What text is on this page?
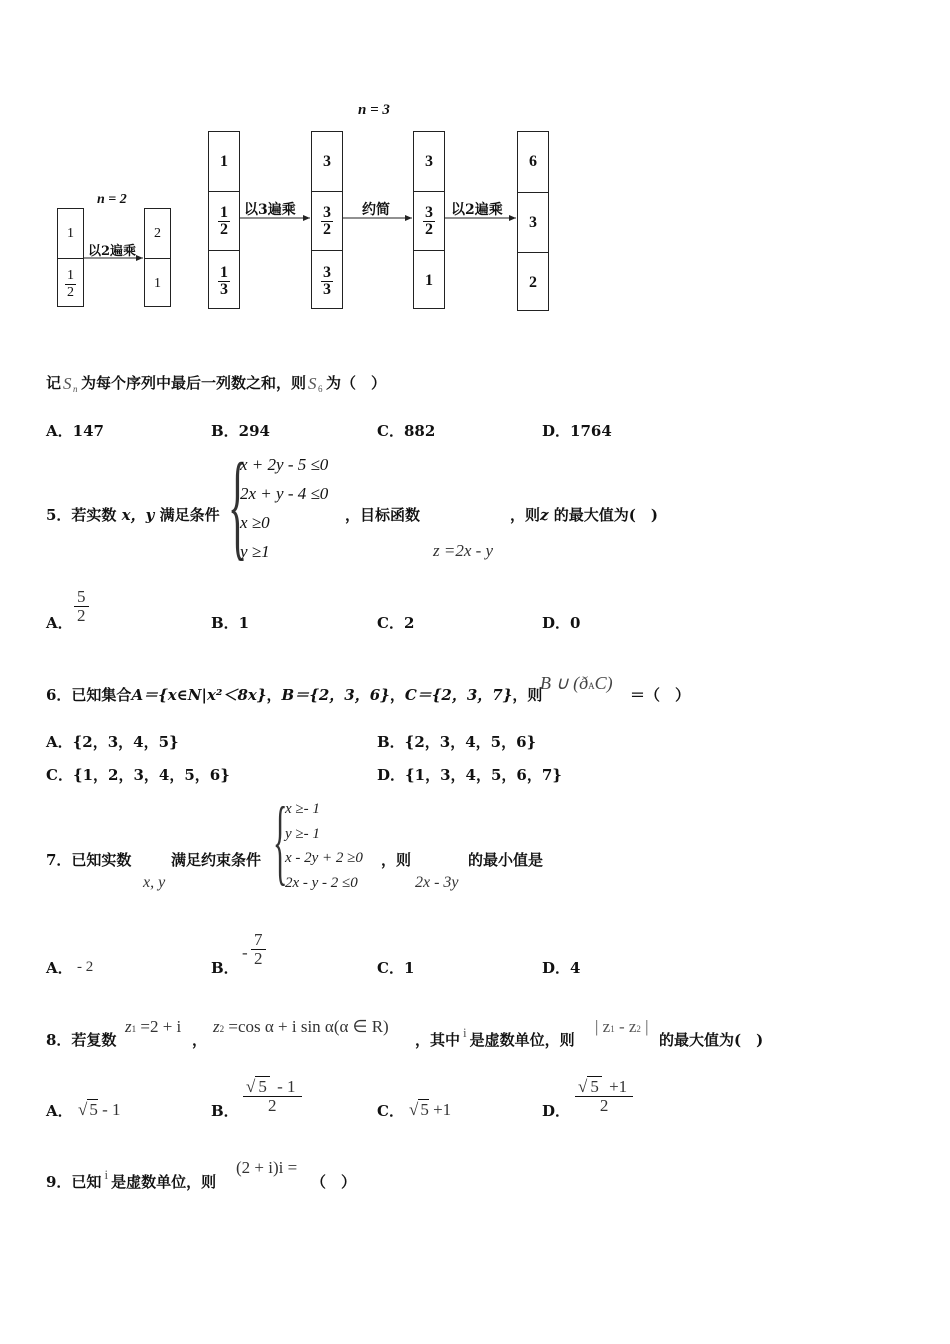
n = 2
n = 3
1
1
2
2
1
1
1
2
1
3
3
3
2
3
3
3
3
2
1
6
3
2
以2遍乘
以3遍乘	约简	以2遍乘
记 S n 为每个序列中最后一列数之和，则 S 6 为（　）
A．147	B．294	C．882	D．1764
5．若实数 x，y 满足条件 {
x + 2y - 5 ≤0
2x + y - 4 ≤0
x ≥0
y ≥1
，目标函数
z =2x - y
，则z 的最大值为(　)
A． $\frac{5}{2}$	B．1	C．2	D．0
6．已知集合A＝{x∈N|x²＜8x}，B＝{2，3，6}，C＝{2，3，7}，则
B ∪ (ðAC)
＝（　）
A．{2，3，4，5}	B．{2，3，4，5，6}
C．{1，2，3，4，5，6}	D．{1，3，4，5，6，7}
7．已知实数
x, y
满足约束条件 {
x ≥- 1
y ≥- 1
x - 2y + 2 ≥0
2x - y - 2 ≤0
，则
2x - 3y
的最小值是
A． - 2	B．
- $\frac{7}{2}$	C．1	D．4
8．若复数
z1 =2 + i
，
z2 =cos α + i sin α(α ∈ R)
，其中 i 是虚数单位，则
| z1 - z2 |
的最大值为(　)
A． √ 5 - 1	B． $\frac{√ 5 - 1}{2}$	C． √ 5 +1	D． $\frac{√ 5 +1}{2}$
9．已知 i 是虚数单位，则
(2 + i)i =
（　）
